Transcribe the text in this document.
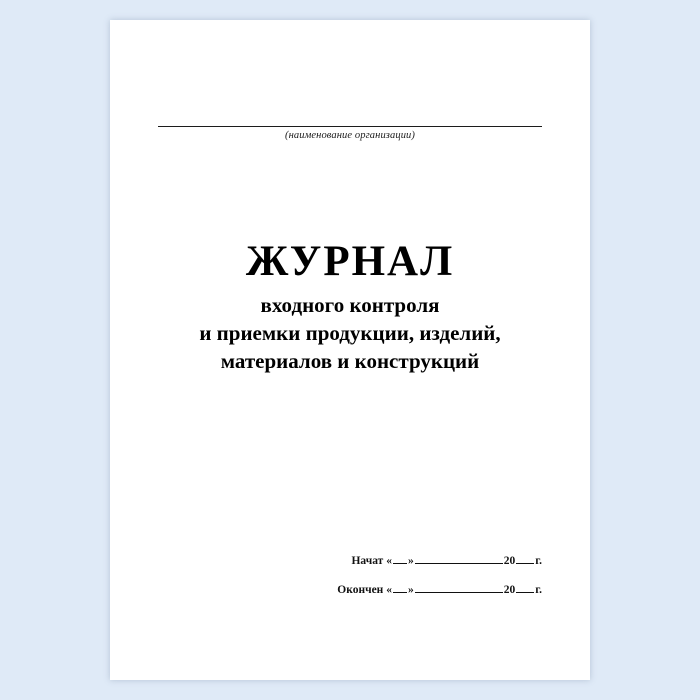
(наименование организации)
ЖУРНАЛ
входного контроля
и приемки продукции, изделий,
материалов и конструкций
Начат « »	20 г.
Окончен « »	20 г.
